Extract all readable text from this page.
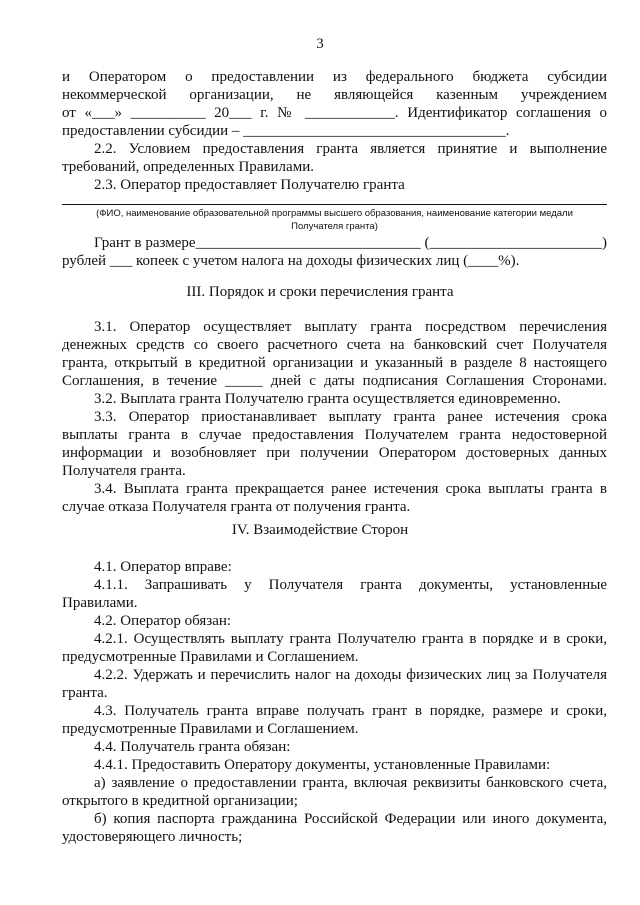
3
и Оператором о предоставлении из федерального бюджета субсидии
некоммерческой организации, не являющейся казенным учреждением
от «___» __________ 20___ г. № ____________. Идентификатор соглашения о
предоставлении субсидии – ___________________________________.
2.2. Условием предоставления гранта является принятие и выполнение
требований, определенных Правилами.
2.3. Оператор предоставляет Получателю гранта
(ФИО, наименование образовательной программы высшего образования, наименование категории медали
Получателя гранта)
Грант в размере______________________________ (_______________________)
рублей ___ копеек с учетом налога на доходы физических лиц (____%).
III. Порядок и сроки перечисления гранта
3.1. Оператор осуществляет выплату гранта посредством перечисления
денежных средств со своего расчетного счета на банковский счет Получателя
гранта, открытый в кредитной организации и указанный в разделе 8 настоящего
Соглашения, в течение _____ дней с даты подписания Соглашения Сторонами.
3.2. Выплата гранта Получателю гранта осуществляется единовременно.
3.3. Оператор приостанавливает выплату гранта ранее истечения срока
выплаты гранта в случае предоставления Получателем гранта недостоверной
информации и возобновляет при получении Оператором достоверных данных
Получателя гранта.
3.4. Выплата гранта прекращается ранее истечения срока выплаты гранта в
случае отказа Получателя гранта от получения гранта.
IV. Взаимодействие Сторон
4.1. Оператор вправе:
4.1.1. Запрашивать у Получателя гранта документы, установленные
Правилами.
4.2. Оператор обязан:
4.2.1. Осуществлять выплату гранта Получателю гранта в порядке и в сроки,
предусмотренные Правилами и Соглашением.
4.2.2. Удержать и перечислить налог на доходы физических лиц за Получателя
гранта.
4.3. Получатель гранта вправе получать грант в порядке, размере и сроки,
предусмотренные Правилами и Соглашением.
4.4. Получатель гранта обязан:
4.4.1. Предоставить Оператору документы, установленные Правилами:
а) заявление о предоставлении гранта, включая реквизиты банковского счета,
открытого в кредитной организации;
б) копия паспорта гражданина Российской Федерации или иного документа,
удостоверяющего личность;
